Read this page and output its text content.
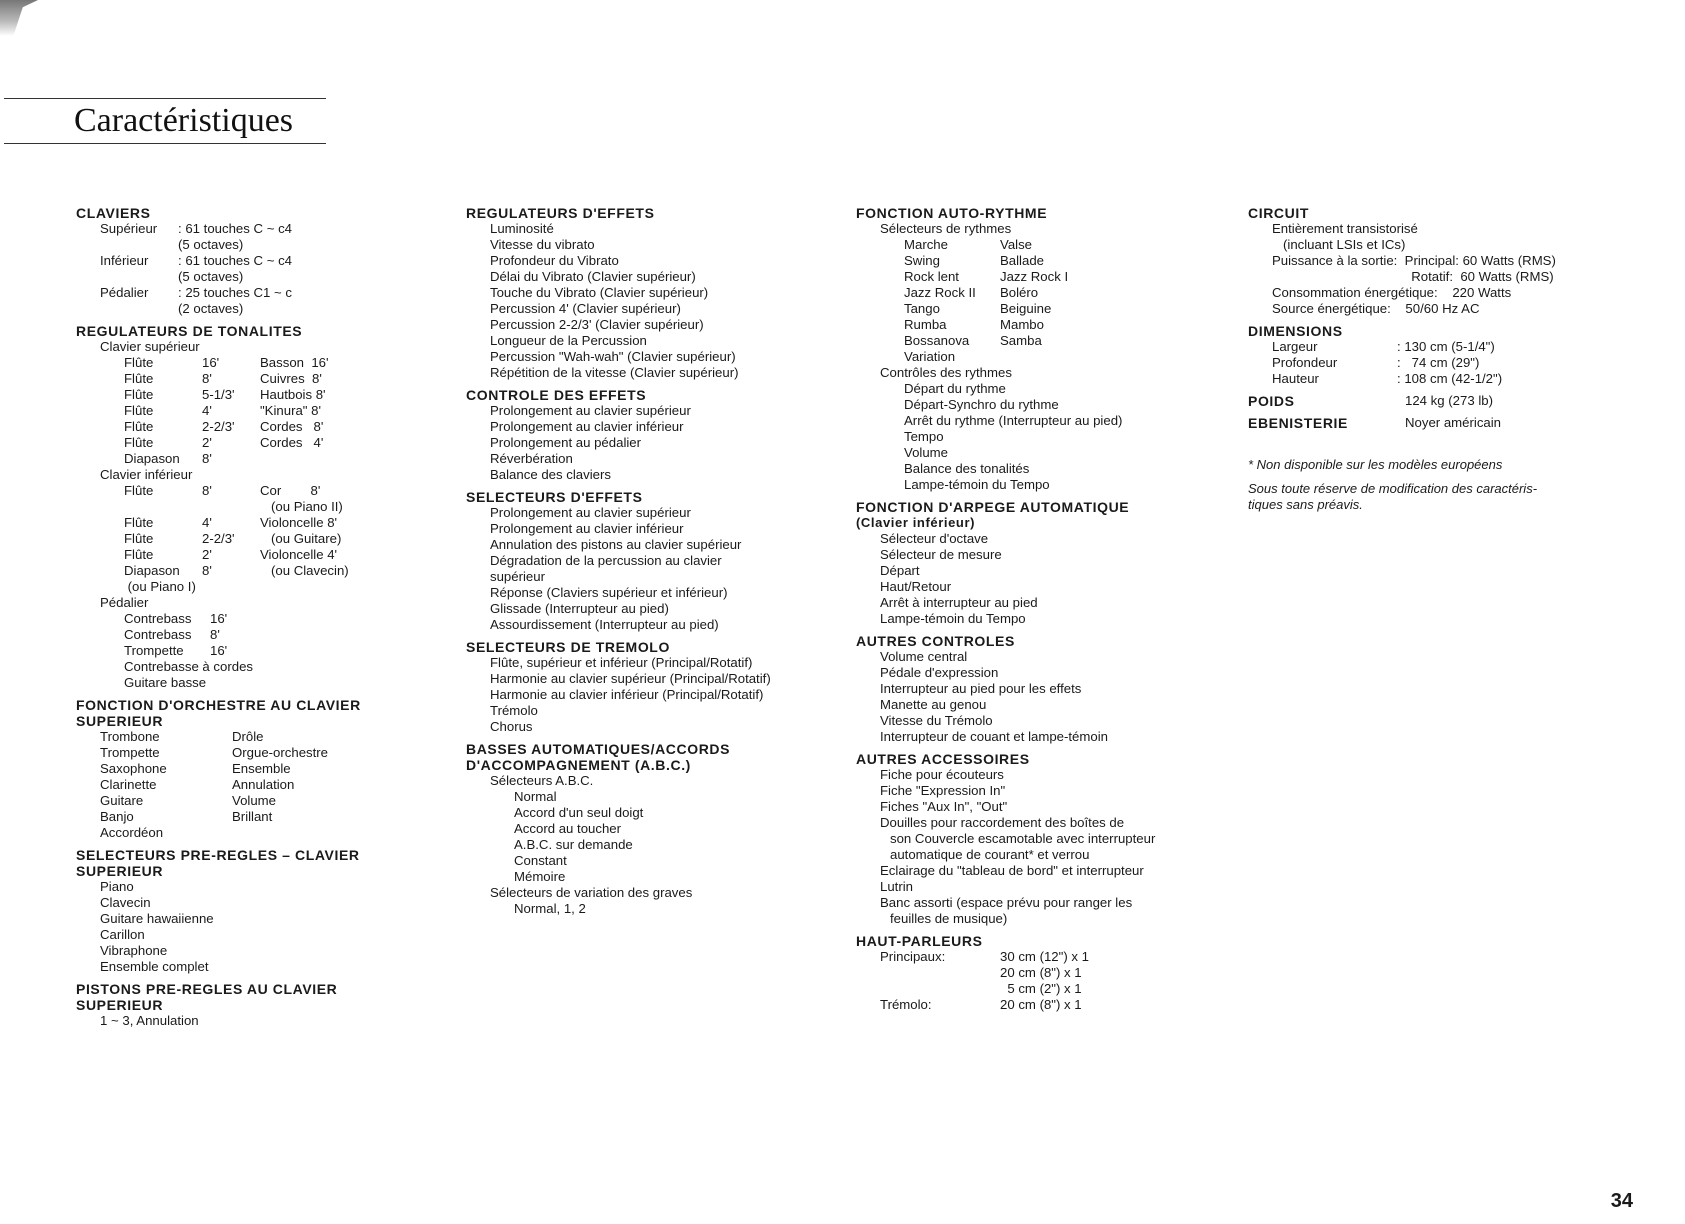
Caractéristiques
CLAVIERS
Supérieur	: 61 touches C ~ c4
(5 octaves)
Inférieur	: 61 touches C ~ c4
(5 octaves)
Pédalier	: 25 touches C1 ~ c
(2 octaves)
REGULATEURS DE TONALITES
Clavier supérieur
Flûte	16'	Basson  16'
Flûte	8'	Cuivres  8'
Flûte	5-1/3'	Hautbois 8'
Flûte	4'	"Kinura" 8'
Flûte	2-2/3'	Cordes   8'
Flûte	2'	Cordes   4'
Diapason	8'
Clavier inférieur
Flûte	8'	Cor        8'
(ou Piano II)
Flûte	4'	Violoncelle 8'
Flûte	2-2/3'	(ou Guitare)
Flûte	2'	Violoncelle 4'
Diapason	8'	(ou Clavecin)
(ou Piano I)
Pédalier
Contrebass	16'
Contrebass	8'
Trompette	16'
Contrebasse à cordes
Guitare basse
FONCTION D'ORCHESTRE AU CLAVIER
SUPERIEUR
Trombone	Drôle
Trompette	Orgue-orchestre
Saxophone	Ensemble
Clarinette	Annulation
Guitare	Volume
Banjo	Brillant
Accordéon
SELECTEURS PRE-REGLES – CLAVIER
SUPERIEUR
Piano
Clavecin
Guitare hawaiienne
Carillon
Vibraphone
Ensemble complet
PISTONS PRE-REGLES AU CLAVIER
SUPERIEUR
1 ~ 3, Annulation
REGULATEURS D'EFFETS
Luminosité
Vitesse du vibrato
Profondeur du Vibrato
Délai du Vibrato (Clavier supérieur)
Touche du Vibrato (Clavier supérieur)
Percussion 4' (Clavier supérieur)
Percussion 2-2/3' (Clavier supérieur)
Longueur de la Percussion
Percussion "Wah-wah" (Clavier supérieur)
Répétition de la vitesse (Clavier supérieur)
CONTROLE DES EFFETS
Prolongement au clavier supérieur
Prolongement au clavier inférieur
Prolongement au pédalier
Réverbération
Balance des claviers
SELECTEURS D'EFFETS
Prolongement au clavier supérieur
Prolongement au clavier inférieur
Annulation des pistons au clavier supérieur
Dégradation de la percussion au clavier
supérieur
Réponse (Claviers supérieur et inférieur)
Glissade (Interrupteur au pied)
Assourdissement (Interrupteur au pied)
SELECTEURS DE TREMOLO
Flûte, supérieur et inférieur (Principal/Rotatif)
Harmonie au clavier supérieur (Principal/Rotatif)
Harmonie au clavier inférieur (Principal/Rotatif)
Trémolo
Chorus
BASSES AUTOMATIQUES/ACCORDS
D'ACCOMPAGNEMENT (A.B.C.)
Sélecteurs A.B.C.
Normal
Accord d'un seul doigt
Accord au toucher
A.B.C. sur demande
Constant
Mémoire
Sélecteurs de variation des graves
Normal, 1, 2
FONCTION AUTO-RYTHME
Sélecteurs de rythmes
Marche	Valse
Swing	Ballade
Rock lent	Jazz Rock I
Jazz Rock II	Boléro
Tango	Beiguine
Rumba	Mambo
Bossanova	Samba
Variation
Contrôles des rythmes
Départ du rythme
Départ-Synchro du rythme
Arrêt du rythme (Interrupteur au pied)
Tempo
Volume
Balance des tonalités
Lampe-témoin du Tempo
FONCTION D'ARPEGE AUTOMATIQUE
(Clavier inférieur)
Sélecteur d'octave
Sélecteur de mesure
Départ
Haut/Retour
Arrêt à interrupteur au pied
Lampe-témoin du Tempo
AUTRES CONTROLES
Volume central
Pédale d'expression
Interrupteur au pied pour les effets
Manette au genou
Vitesse du Trémolo
Interrupteur de couant et lampe-témoin
AUTRES ACCESSOIRES
Fiche pour écouteurs
Fiche "Expression In"
Fiches "Aux In", "Out"
Douilles pour raccordement des boîtes de
son Couvercle escamotable avec interrupteur
automatique de courant* et verrou
Eclairage du "tableau de bord" et interrupteur
Lutrin
Banc assorti (espace prévu pour ranger les
feuilles de musique)
HAUT-PARLEURS
Principaux:	30 cm (12") x 1
20 cm (8") x 1
5 cm (2") x 1
Trémolo:	20 cm (8") x 1
CIRCUIT
Entièrement transistorisé
(incluant LSIs et ICs)
Puissance à la sortie:  Principal: 60 Watts (RMS)
Rotatif:  60 Watts (RMS)
Consommation énergétique:    220 Watts
Source énergétique:    50/60 Hz AC
DIMENSIONS
Largeur	: 130 cm (5-1/4")
Profondeur	:   74 cm (29")
Hauteur	: 108 cm (42-1/2")
POIDS	124 kg (273 lb)
EBENISTERIE	Noyer américain
* Non disponible sur les modèles européens
Sous toute réserve de modification des caractéris-
tiques sans préavis.
34
